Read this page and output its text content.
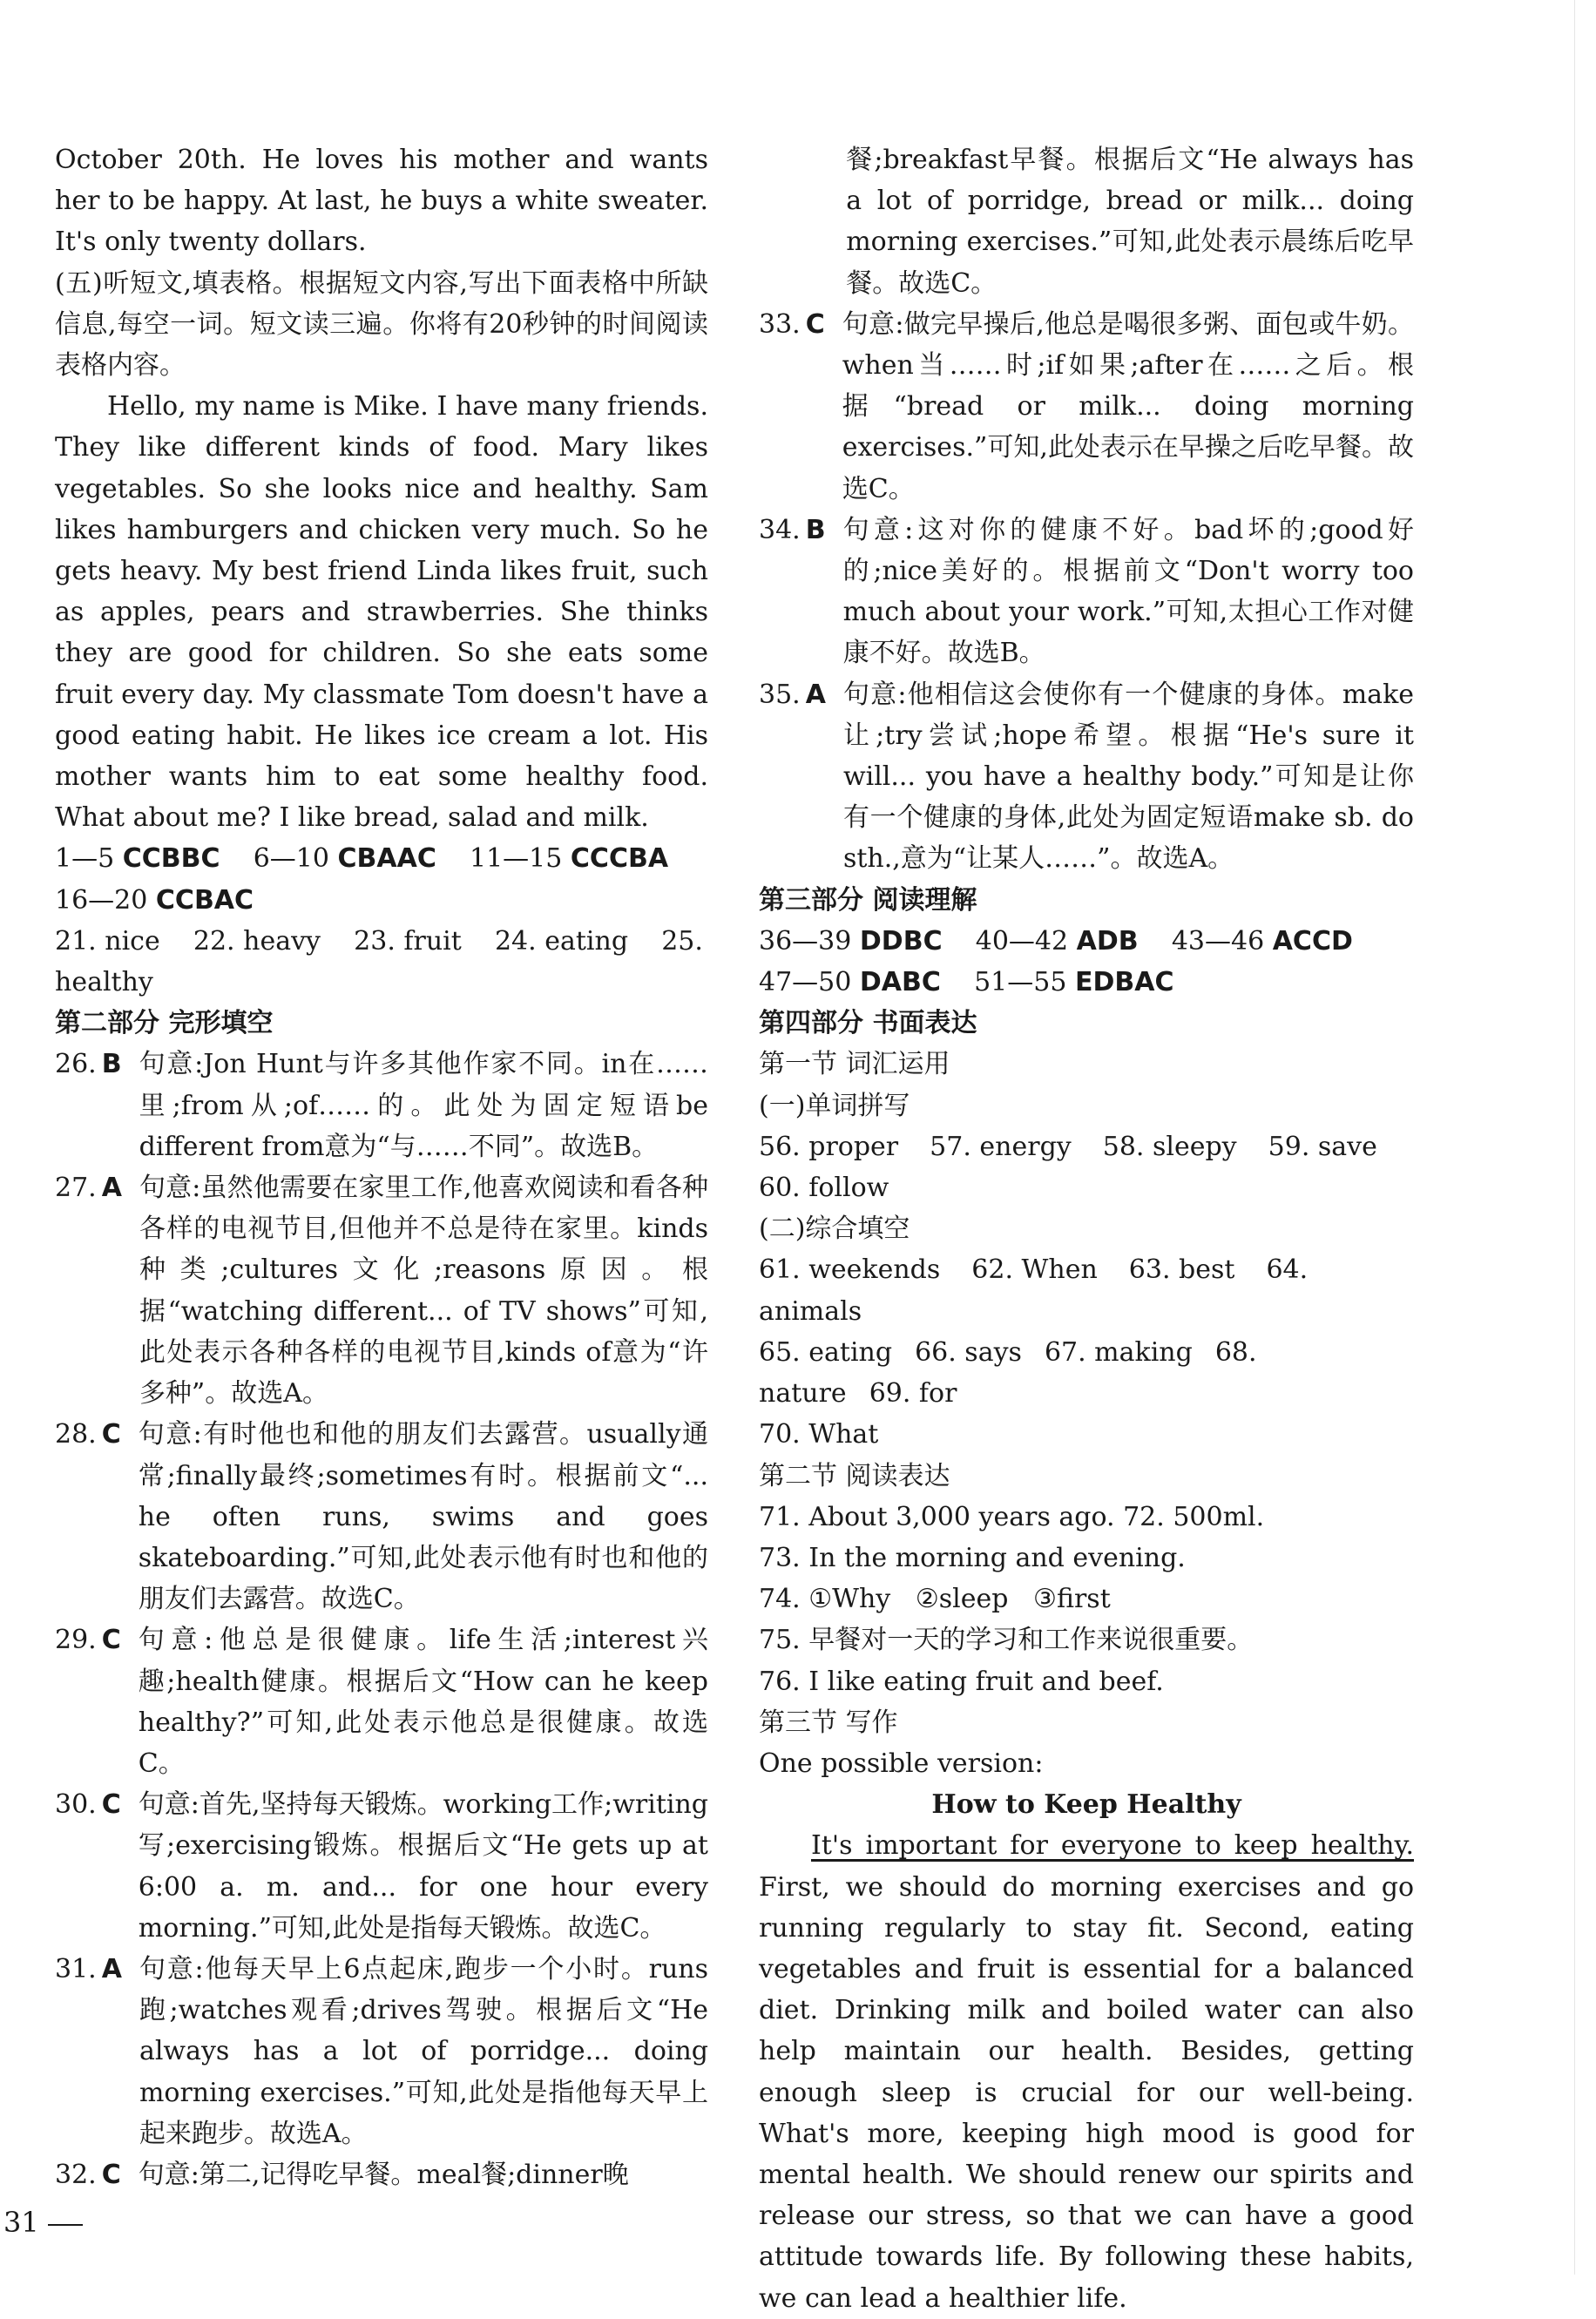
October 20th. He loves his mother and wants her to be happy. At last, he buys a white sweater. It's only twenty dollars.

(五)听短文,填表格。根据短文内容,写出下面表格中所缺信息,每空一词。短文读三遍。你将有20秒钟的时间阅读表格内容。

Hello, my name is Mike. I have many friends. They like different kinds of food. Mary likes vegetables. So she looks nice and healthy. Sam likes hamburgers and chicken very much. So he gets heavy. My best friend Linda likes fruit, such as apples, pears and strawberries. She thinks they are good for children. So she eats some fruit every day. My classmate Tom doesn't have a good eating habit. He likes ice cream a lot. His mother wants him to eat some healthy food. What about me? I like bread, salad and milk.

1—5 CCBBC 6—10 CBAAC 11—15 CCCBA

16—20 CCBAC

21. nice 22. heavy 23. fruit 24. eating 25. healthy

第二部分 完形填空

26. B 句意:Jon Hunt与许多其他作家不同。in在……里;from从;of……的。此处为固定短语be different from意为“与……不同”。故选B。
27. A 句意:虽然他需要在家里工作,他喜欢阅读和看各种各样的电视节目,但他并不总是待在家里。kinds种类;cultures文化;reasons原因。根据“watching different... of TV shows”可知,此处表示各种各样的电视节目,kinds of意为“许多种”。故选A。
28. C 句意:有时他也和他的朋友们去露营。usually通常;finally最终;sometimes有时。根据前文“... he often runs, swims and goes skateboarding.”可知,此处表示他有时也和他的朋友们去露营。故选C。
29. C 句意:他总是很健康。life生活;interest兴趣;health健康。根据后文“How can he keep healthy?”可知,此处表示他总是很健康。故选C。
30. C 句意:首先,坚持每天锻炼。working工作;writing写;exercising锻炼。根据后文“He gets up at 6:00 a. m. and... for one hour every morning.”可知,此处是指每天锻炼。故选C。
31. A 句意:他每天早上6点起床,跑步一个小时。runs跑;watches观看;drives驾驶。根据后文“He always has a lot of porridge... doing morning exercises.”可知,此处是指他每天早上起来跑步。故选A。
32. C 句意:第二,记得吃早餐。meal餐;dinner晚
餐;breakfast早餐。根据后文“He always has a lot of porridge, bread or milk... doing morning exercises.”可知,此处表示晨练后吃早餐。故选C。
33. C 句意:做完早操后,他总是喝很多粥、面包或牛奶。when当……时;if如果;after在……之后。根据“bread or milk... doing morning exercises.”可知,此处表示在早操之后吃早餐。故选C。
34. B 句意:这对你的健康不好。bad坏的;good好的;nice美好的。根据前文“Don't worry too much about your work.”可知,太担心工作对健康不好。故选B。
35. A 句意:他相信这会使你有一个健康的身体。make让;try尝试;hope希望。根据“He's sure it will... you have a healthy body.”可知是让你有一个健康的身体,此处为固定短语make sb. do sth.,意为“让某人……”。故选A。

第三部分 阅读理解

36—39 DDBC 40—42 ADB 43—46 ACCD

47—50 DABC 51—55 EDBAC

第四部分 书面表达

第一节 词汇运用

(一)单词拼写

56. proper 57. energy 58. sleepy 59. save

60. follow

(二)综合填空

61. weekends 62. When 63. best 64. animals

65. eating 66. says 67. making 68. nature 69. for

70. What

第二节 阅读表达

71. About 3,000 years ago. 72. 500ml.

73. In the morning and evening.

74. ①Why   ②sleep   ③first

75. 早餐对一天的学习和工作来说很重要。

76. I like eating fruit and beef.

第三节 写作

One possible version:

How to Keep Healthy

It's important for everyone to keep healthy. First, we should do morning exercises and go running regularly to stay fit. Second, eating vegetables and fruit is essential for a balanced diet. Drinking milk and boiled water can also help maintain our health. Besides, getting enough sleep is crucial for our well-being. What's more, keeping high mood is good for mental health. We should renew our spirits and release our stress, so that we can have a good attitude towards life. By following these habits, we can lead a healthier life.

31
